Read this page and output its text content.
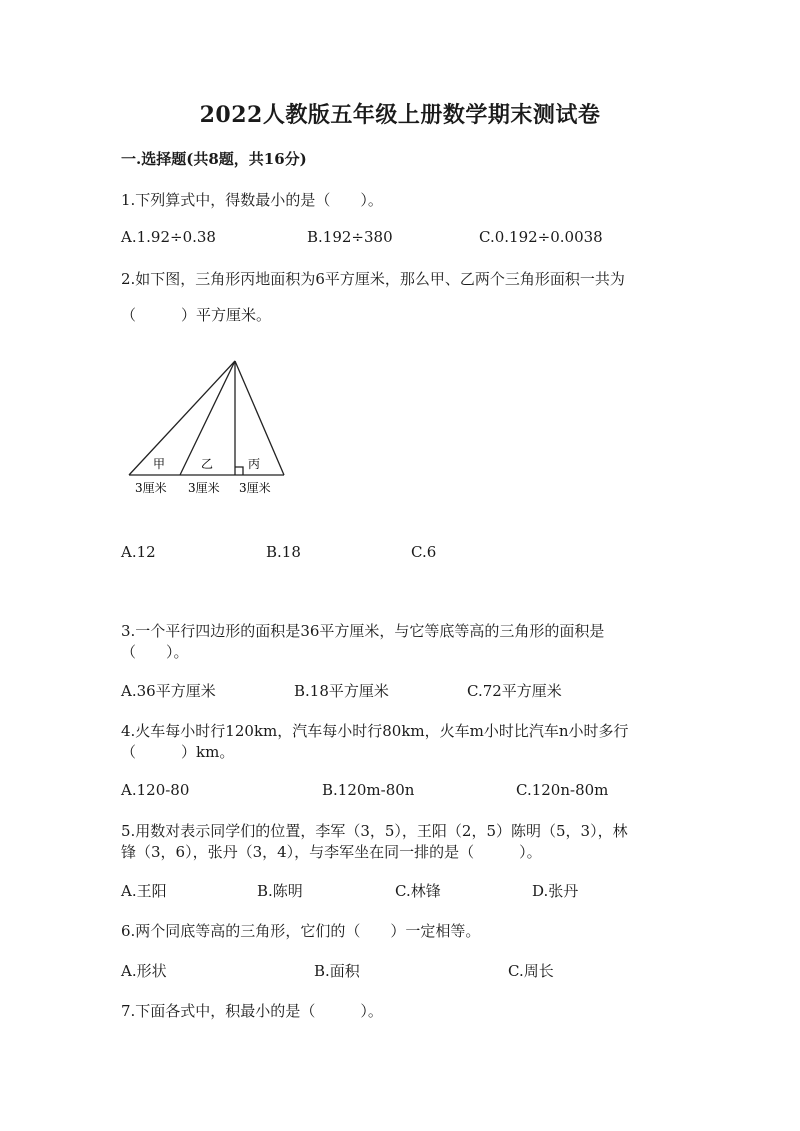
2022人教版五年级上册数学期末测试卷
一.选择题(共8题，共16分)
1.下列算式中，得数最小的是（　　）。
A.1.92÷0.38	B.192÷380	C.0.192÷0.0038
2.如下图，三角形丙地面积为6平方厘米，那么甲、乙两个三角形面积一共为
（　　　）平方厘米。
甲	乙	丙
3厘米 3厘米 3厘米
A.12	B.18	C.6
3.一个平行四边形的面积是36平方厘米，与它等底等高的三角形的面积是
（　　）。
A.36平方厘米	B.18平方厘米	C.72平方厘米
4.火车每小时行120km，汽车每小时行80km，火车m小时比汽车n小时多行
（　　　）km。
A.120-80	B.120m-80n	C.120n-80m
5.用数对表示同学们的位置，李军（3，5），王阳（2，5）陈明（5，3），林
锋（3，6），张丹（3，4），与李军坐在同一排的是（　　　）。
A.王阳	B.陈明	C.林锋	D.张丹
6.两个同底等高的三角形，它们的（　　）一定相等。
A.形状	B.面积	C.周长
7.下面各式中，积最小的是（　　　）。
